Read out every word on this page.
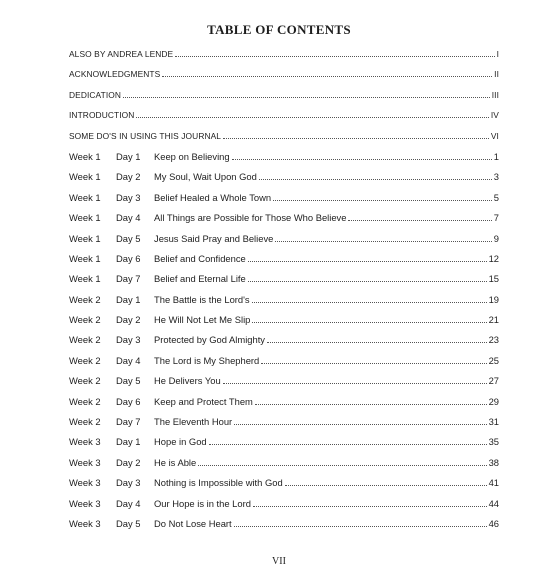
TABLE OF CONTENTS
ALSO BY ANDREA LENDE	I
ACKNOWLEDGMENTS	II
DEDICATION	III
INTRODUCTION	IV
SOME DO'S IN USING THIS JOURNAL	VI
Week 1	Day 1	Keep on Believing	1
Week 1	Day 2	My Soul, Wait Upon God	3
Week 1	Day 3	Belief Healed a Whole Town	5
Week 1	Day 4	All Things are Possible for Those Who Believe	7
Week 1	Day 5	Jesus Said Pray and Believe	9
Week 1	Day 6	Belief and Confidence	12
Week 1	Day 7	Belief and Eternal Life	15
Week 2	Day 1	The Battle is the Lord's	19
Week 2	Day 2	He Will Not Let Me Slip	21
Week 2	Day 3	Protected by God Almighty	23
Week 2	Day 4	The Lord is My Shepherd	25
Week 2	Day 5	He Delivers You	27
Week 2	Day 6	Keep and Protect Them	29
Week 2	Day 7	The Eleventh Hour	31
Week 3	Day 1	Hope in God	35
Week 3	Day 2	He is Able	38
Week 3	Day 3	Nothing is Impossible with God	41
Week 3	Day 4	Our Hope is in the Lord	44
Week 3	Day 5	Do Not Lose Heart	46
VII
